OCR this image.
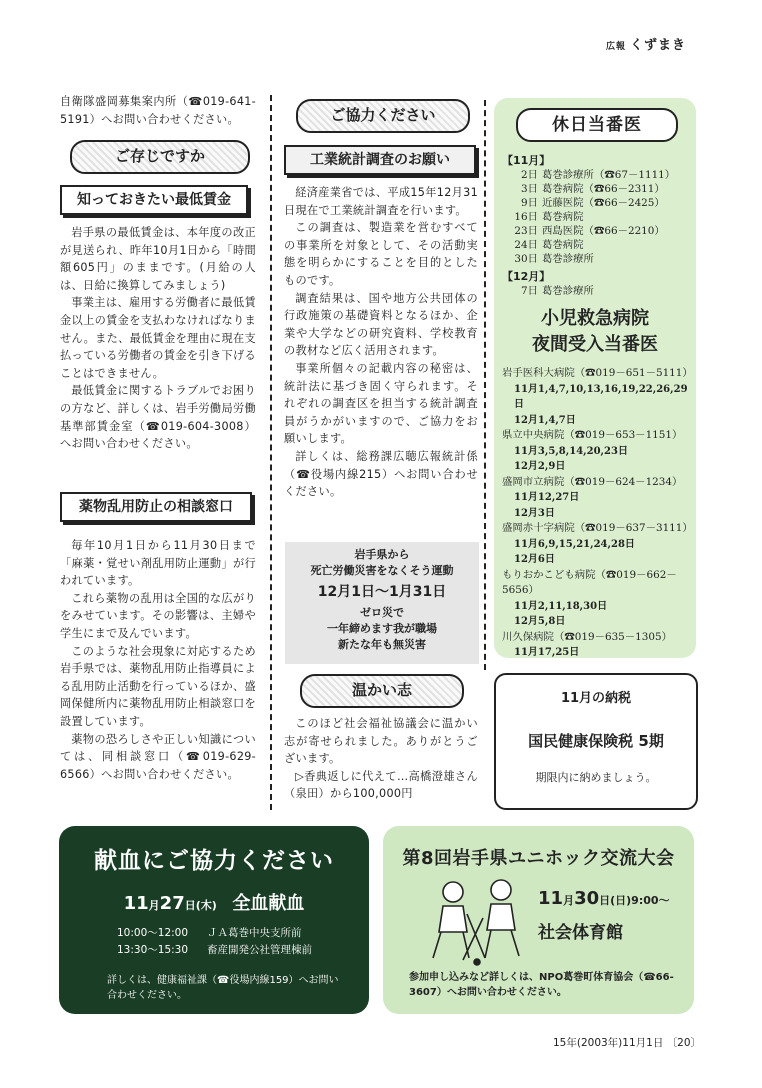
広報 くずまき

自衛隊盛岡募集案内所（☎019-641-5191）へお問い合わせください。

ご存じですか
知っておきたい最低賃金

岩手県の最低賃金は、本年度の改正が見送られ、昨年10月1日から「時間額605円」のままです。(月給の人は、日給に換算してみましょう)

事業主は、雇用する労働者に最低賃金以上の賃金を支払わなければなりません。また、最低賃金を理由に現在支払っている労働者の賃金を引き下げることはできません。

最低賃金に関するトラブルでお困りの方など、詳しくは、岩手労働局労働基準部賃金室（☎019-604-3008）へお問い合わせください。

薬物乱用防止の相談窓口

毎年10月1日から11月30日まで「麻薬・覚せい剤乱用防止運動」が行われています。

これら薬物の乱用は全国的な広がりをみせています。その影響は、主婦や学生にまで及んでいます。

このような社会現象に対応するため岩手県では、薬物乱用防止指導員による乱用防止活動を行っているほか、盛岡保健所内に薬物乱用防止相談窓口を設置しています。

薬物の恐ろしさや正しい知識については、同相談窓口（☎019-629-6566）へお問い合わせください。

ご協力ください
工業統計調査のお願い

経済産業省では、平成15年12月31日現在で工業統計調査を行います。

この調査は、製造業を営むすべての事業所を対象として、その活動実態を明らかにすることを目的としたものです。

調査結果は、国や地方公共団体の行政施策の基礎資料となるほか、企業や大学などの研究資料、学校教育の教材など広く活用されます。

事業所個々の記載内容の秘密は、統計法に基づき固く守られます。それぞれの調査区を担当する統計調査員がうかがいますので、ご協力をお願いします。

詳しくは、総務課広聴広報統計係（☎役場内線215）へお問い合わせください。

岩手県から
死亡労働災害をなくそう運動
12月1日～1月31日
ゼロ災で
一年締めます我が職場
新たな年も無災害
温かい志

このほど社会福祉協議会に温かい志が寄せられました。ありがとうございます。

▷香典返しに代えて…高橋澄雄さん（泉田）から100,000円

休日当番医
【11月】
2日 葛巻診療所（☎67－1111）
3日 葛巻病院（☎66－2311）
9日 近藤医院（☎66－2425）
16日 葛巻病院
23日 西島医院（☎66－2210）
24日 葛巻病院
30日 葛巻診療所
【12月】
7日 葛巻診療所
小児救急病院
夜間受入当番医
岩手医科大病院（☎019－651－5111）
11月1,4,7,10,13,16,19,22,26,29日
12月1,4,7日
県立中央病院（☎019－653－1151）
11月3,5,8,14,20,23日
12月2,9日
盛岡市立病院（☎019－624－1234）
11月12,27日
12月3日
盛岡赤十字病院（☎019－637－3111）
11月6,9,15,21,24,28日
12月6日
もりおかこども病院（☎019－662－5656）
11月2,11,18,30日
12月5,8日
川久保病院（☎019－635－1305）
11月17,25日
11月の納税
国民健康保険税 5期
期限内に納めましょう。
献血にご協力ください
11月27日(木) 全血献血
10:00～12:00 ＪＡ葛巻中央支所前
13:30～15:30 畜産開発公社管理棟前
詳しくは、健康福祉課（☎役場内線159）へお問い合わせください。
第8回岩手県ユニホック交流大会
11月30日(日)9:00～
社会体育館
参加申し込みなど詳しくは、NPO葛巻町体育協会（☎66-3607）へお問い合わせください。
15年(2003年)11月1日 〔20〕
